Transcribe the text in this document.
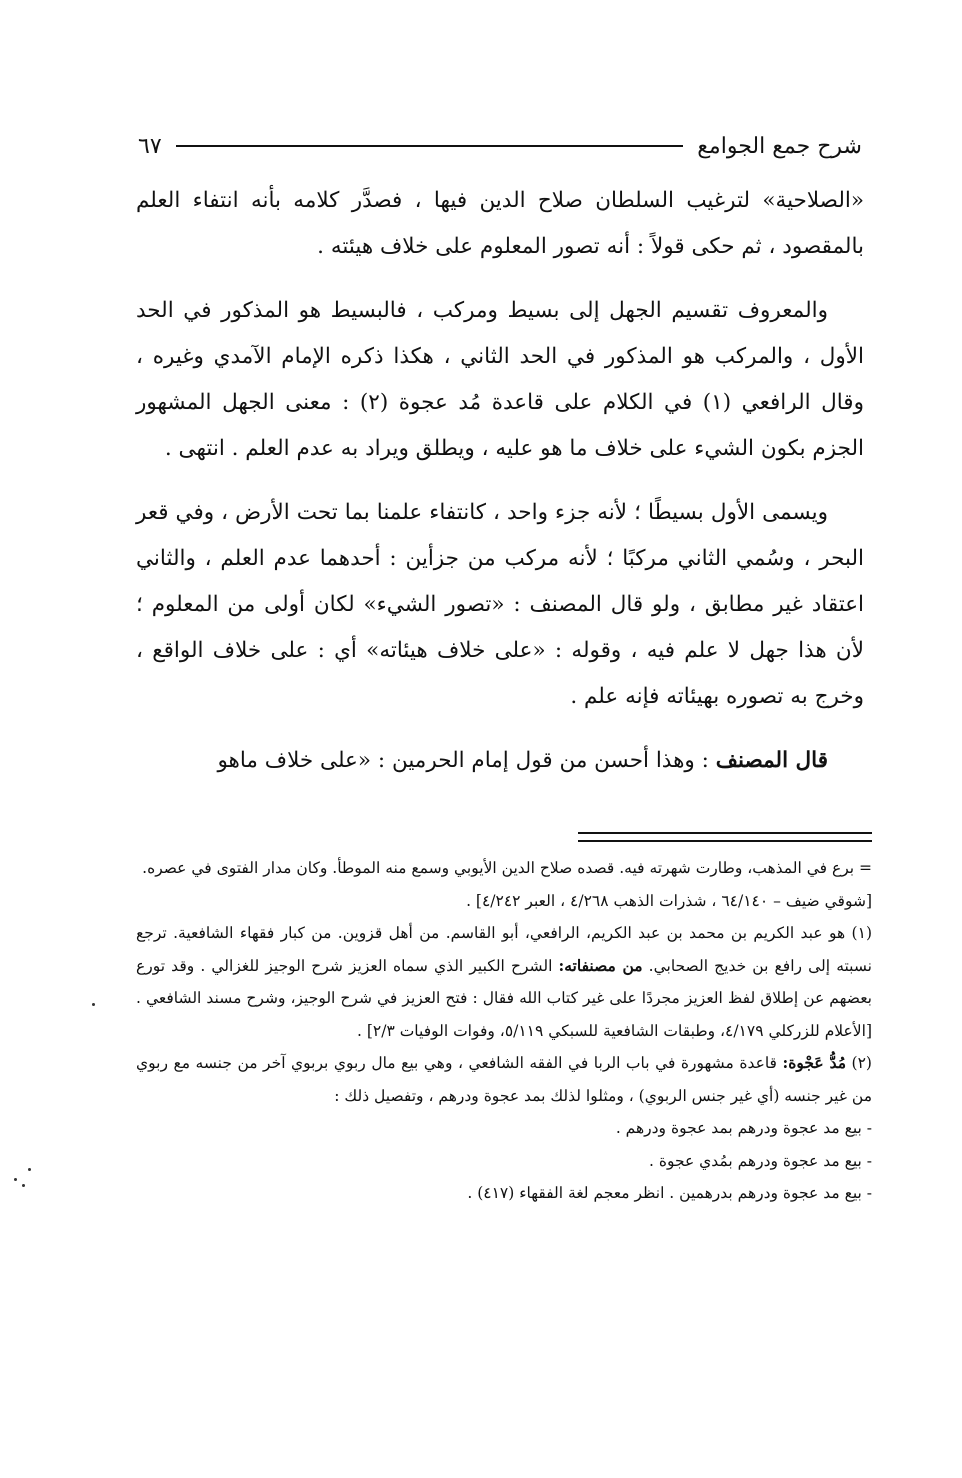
شرح جمع الجوامع
٦٧

«الصلاحية» لترغيب السلطان صلاح الدين فيها ، فصدَّر كلامه بأنه انتفاء العلم بالمقصود ، ثم حكى قولاً : أنه تصور المعلوم على خلاف هيئته .

والمعروف تقسيم الجهل إلى بسيط ومركب ، فالبسيط هو المذكور في الحد الأول ، والمركب هو المذكور في الحد الثاني ، هكذا ذكره الإمام الآمدي وغيره ، وقال الرافعي (١) في الكلام على قاعدة مُد عجوة (٢) : معنى الجهل المشهور الجزم بكون الشيء على خلاف ما هو عليه ، ويطلق ويراد به عدم العلم . انتهى .

ويسمى الأول بسيطًا ؛ لأنه جزء واحد ، كانتفاء علمنا بما تحت الأرض ، وفي قعر البحر ، وسُمي الثاني مركبًا ؛ لأنه مركب من جزأين : أحدهما عدم العلم ، والثاني اعتقاد غير مطابق ، ولو قال المصنف : «تصور الشيء» لكان أولى من المعلوم ؛ لأن هذا جهل لا علم فيه ، وقوله : «على خلاف هيئاته» أي : على خلاف الواقع ، وخرج به تصوره بهيئاته فإنه علم .

قال المصنف : وهذا أحسن من قول إمام الحرمين : «على خلاف ماهو

= برع في المذهب، وطارت شهرته فيه. قصده صلاح الدين الأيوبي وسمع منه الموطأ. وكان مدار الفتوى في عصره.

[شوقي ضيف – ٦٤/١٤٠ ، شذرات الذهب ٤/٢٦٨ ، العبر ٤/٢٤٢] .

(١) هو عبد الكريم بن محمد بن عبد الكريم، الرافعي، أبو القاسم. من أهل قزوين. من كبار فقهاء الشافعية. ترجع نسبته إلى رافع بن خديج الصحابي. من مصنفاته: الشرح الكبير الذي سماه العزيز شرح الوجيز للغزالي . وقد تورع بعضهم عن إطلاق لفظ العزيز مجردًا على غير كتاب الله فقال : فتح العزيز في شرح الوجيز، وشرح مسند الشافعي .[الأعلام للزركلي ٤/١٧٩، وطبقات الشافعية للسبكي ٥/١١٩، وفوات الوفيات ٢/٣] .

(٢) مُدُّ عَجْوة: قاعدة مشهورة في باب الربا في الفقه الشافعي ، وهي بيع مال ربوي بربوي آخر من جنسه مع ربوي من غير جنسه (أي غير جنس الربوي) ، ومثلوا لذلك بمد عجوة ودرهم ، وتفصيل ذلك :

- بيع مد عجوة ودرهم بمد عجوة ودرهم .

- بيع مد عجوة ودرهم بمُدي عجوة .

- بيع مد عجوة ودرهم بدرهمين . انظر معجم لغة الفقهاء (٤١٧) .
